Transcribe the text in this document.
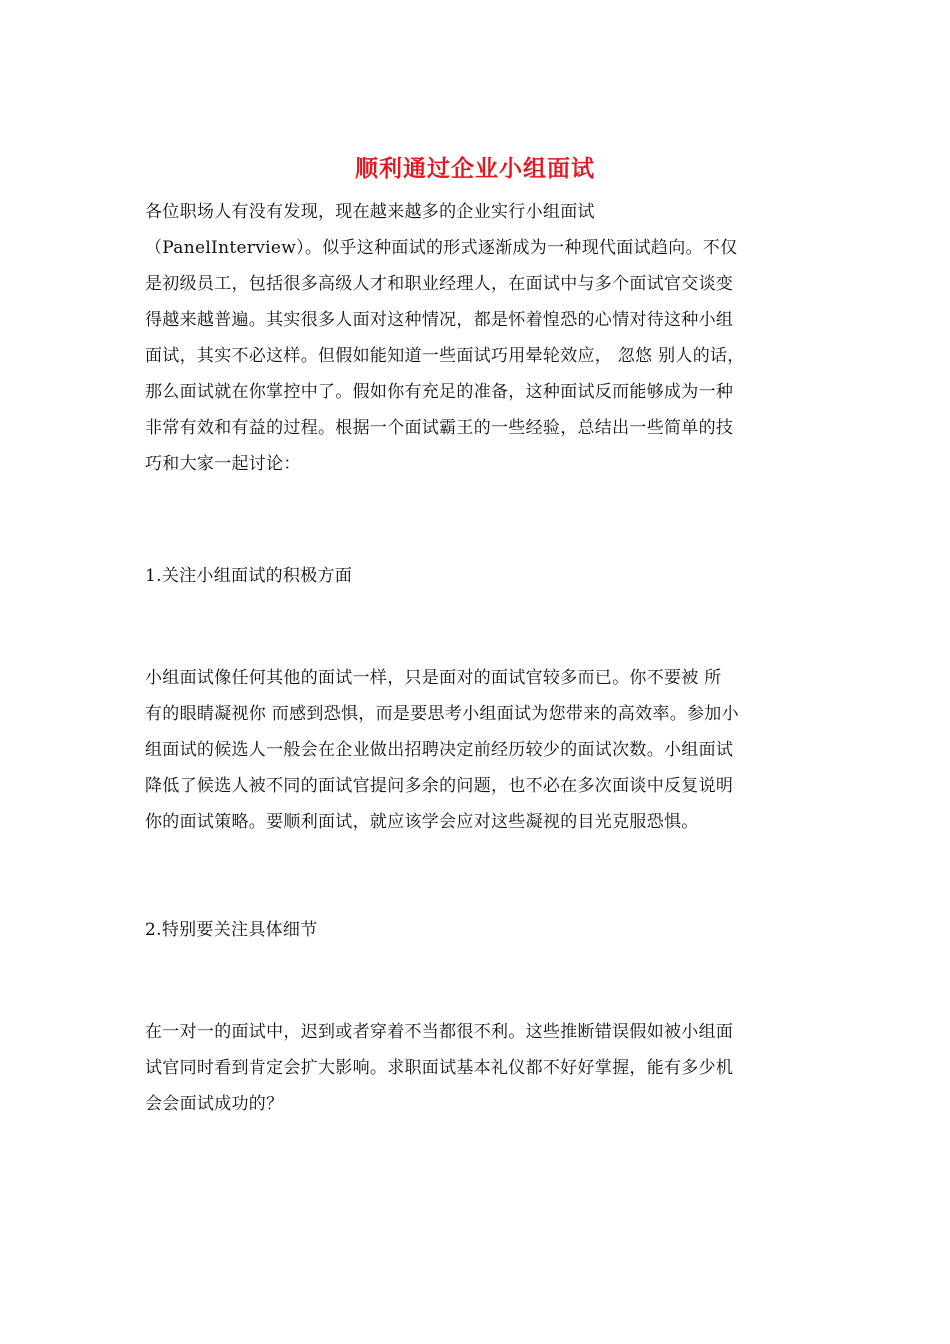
顺利通过企业小组面试
各位职场人有没有发现，现在越来越多的企业实行小组面试
（PanelInterview）。似乎这种面试的形式逐渐成为一种现代面试趋向。不仅
是初级员工，包括很多高级人才和职业经理人，在面试中与多个面试官交谈变
得越来越普遍。其实很多人面对这种情况，都是怀着惶恐的心情对待这种小组
面试，其实不必这样。但假如能知道一些面试巧用晕轮效应， 忽悠 别人的话，
那么面试就在你掌控中了。假如你有充足的准备，这种面试反而能够成为一种
非常有效和有益的过程。根据一个面试霸王的一些经验，总结出一些简单的技
巧和大家一起讨论：
1.关注小组面试的积极方面
小组面试像任何其他的面试一样，只是面对的面试官较多而已。你不要被 所
有的眼睛凝视你 而感到恐惧，而是要思考小组面试为您带来的高效率。参加小
组面试的候选人一般会在企业做出招聘决定前经历较少的面试次数。小组面试
降低了候选人被不同的面试官提问多余的问题，也不必在多次面谈中反复说明
你的面试策略。要顺利面试，就应该学会应对这些凝视的目光克服恐惧。
2.特别要关注具体细节
在一对一的面试中，迟到或者穿着不当都很不利。这些推断错误假如被小组面
试官同时看到肯定会扩大影响。求职面试基本礼仪都不好好掌握，能有多少机
会会面试成功的？
